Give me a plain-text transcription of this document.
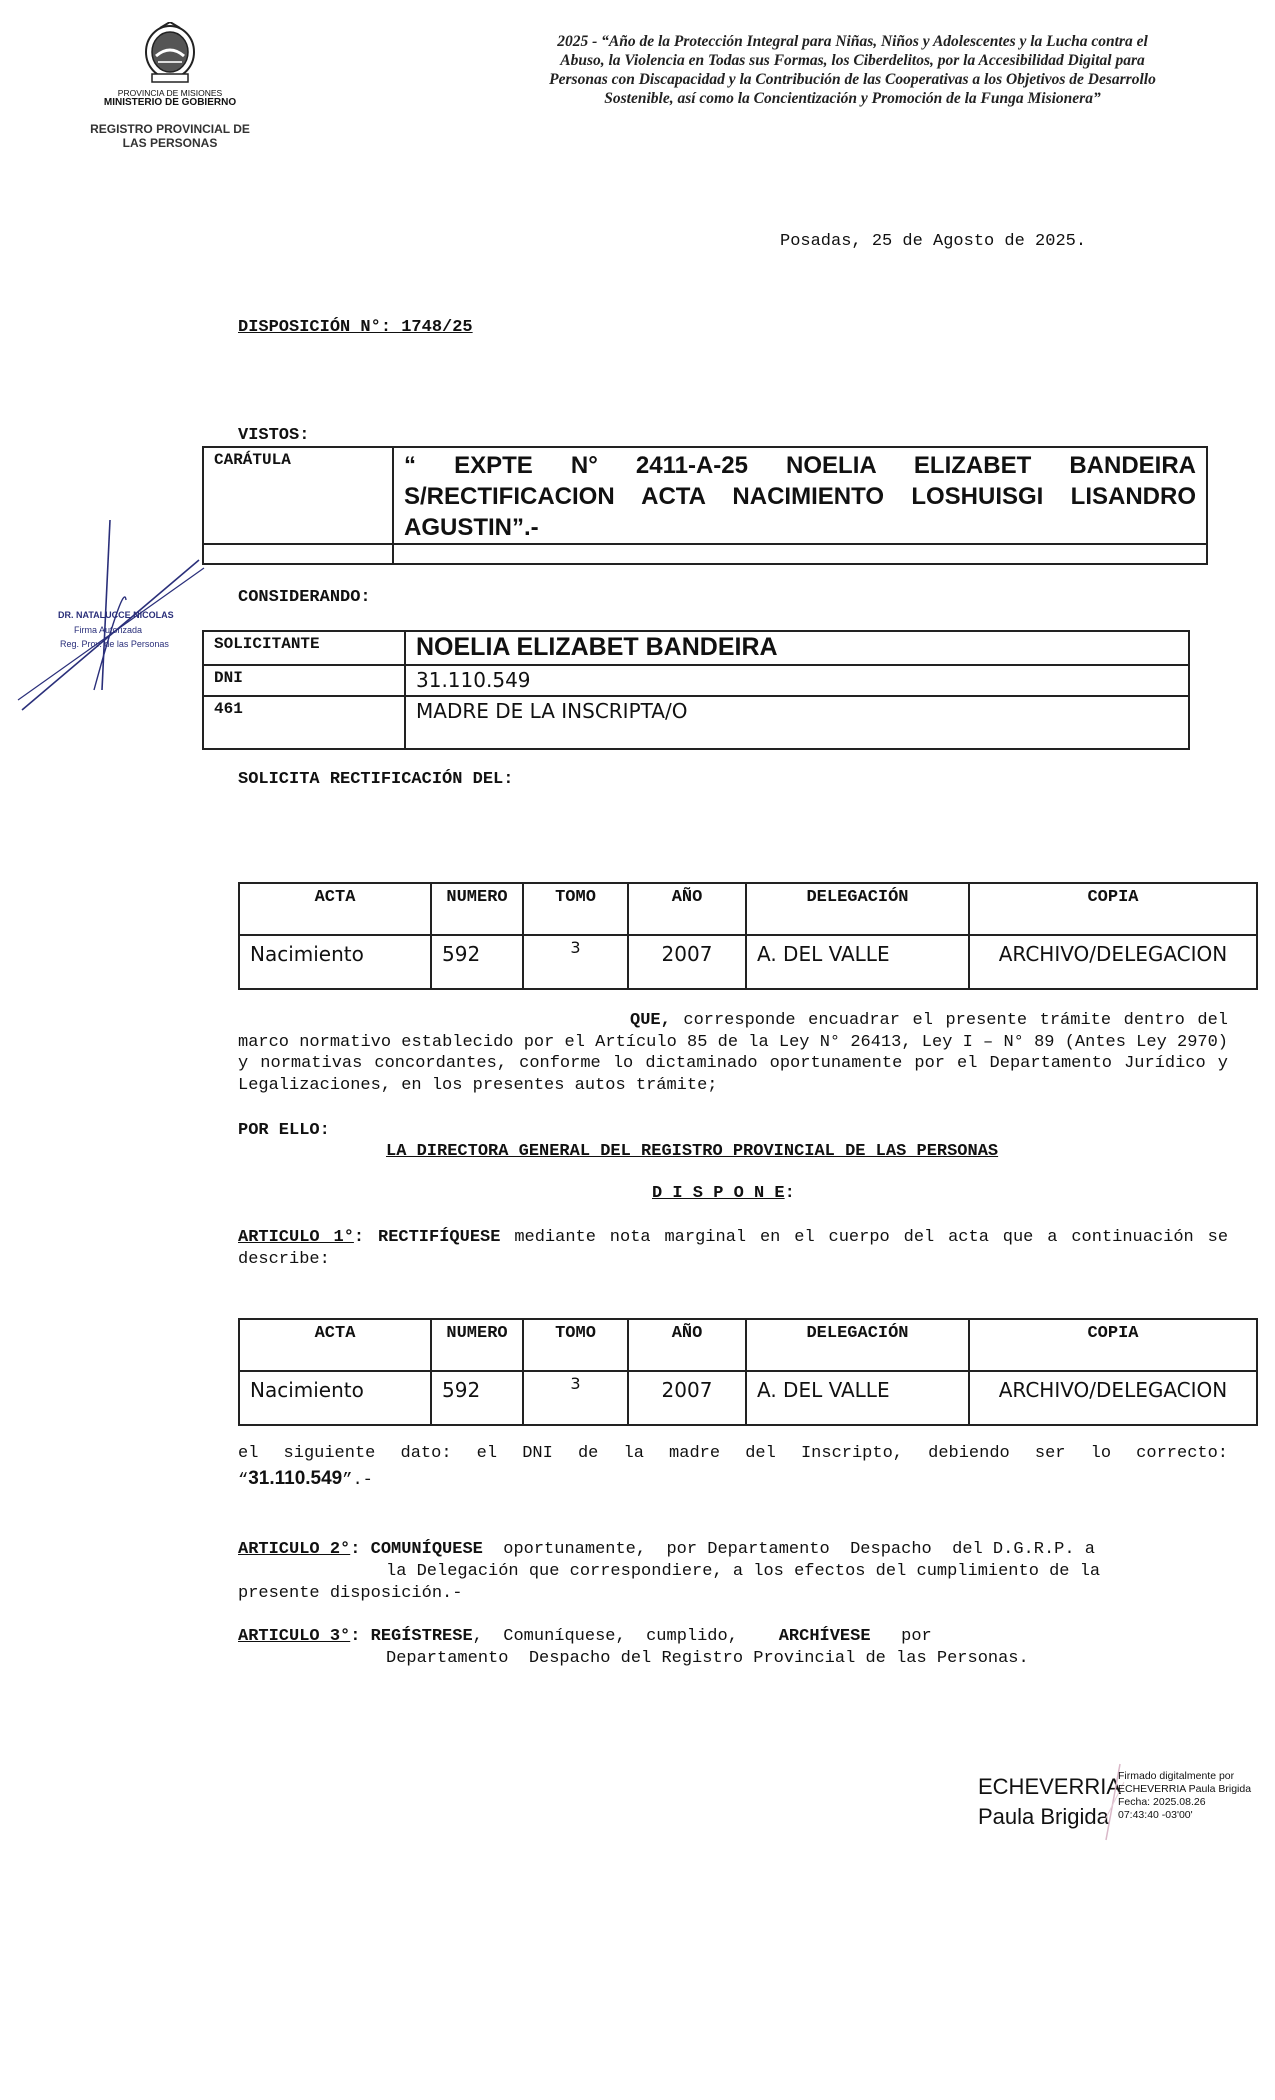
PROVINCIA DE MISIONES
MINISTERIO DE GOBIERNO
REGISTRO PROVINCIAL DE
LAS PERSONAS
2025 - “Año de la Protección Integral para Niñas, Niños y Adolescentes y la Lucha contra el Abuso, la Violencia en Todas sus Formas, los Ciberdelitos, por la Accesibilidad Digital para Personas con Discapacidad y la Contribución de las Cooperativas a los Objetivos de Desarrollo Sostenible, así como la Concientización y Promoción de la Funga Misionera”
Posadas, 25 de Agosto de 2025.
DISPOSICIÓN N°: 1748/25
VISTOS:
CARÁTULA	“ EXPTE N° 2411-A-25 NOELIA ELIZABET BANDEIRA S/RECTIFICACION ACTA NACIMIENTO LOSHUISGI LISANDRO AGUSTIN”.-

DR. NATALUCCE NICOLAS
Firma Autorizada
Reg. Prov. de las Personas
CONSIDERANDO:
SOLICITANTE	NOELIA ELIZABET BANDEIRA
DNI	31.110.549
461	MADRE DE LA INSCRIPTA/O
SOLICITA RECTIFICACIÓN DEL:
ACTA	NUMERO	TOMO	AÑO	DELEGACIÓN	COPIA
Nacimiento	592	3	2007	A. DEL VALLE	ARCHIVO/DELEGACION
QUE, corresponde encuadrar el presente trámite dentro del marco normativo establecido por el Artículo 85 de la Ley N° 26413, Ley I – N° 89 (Antes Ley 2970) y normativas concordantes, conforme lo dictaminado oportunamente por el Departamento Jurídico y Legalizaciones, en los presentes autos trámite;
POR ELLO:
LA DIRECTORA GENERAL DEL REGISTRO PROVINCIAL DE LAS PERSONAS
D I S P O N E:
ARTICULO 1°: RECTIFÍQUESE mediante nota marginal en el cuerpo del acta que a continuación se describe:
ACTA	NUMERO	TOMO	AÑO	DELEGACIÓN	COPIA
Nacimiento	592	3	2007	A. DEL VALLE	ARCHIVO/DELEGACION
el siguiente dato: el DNI de la madre del Inscripto, debiendo ser lo correcto:
“31.110.549”.-
ARTICULO 2°: COMUNÍQUESE oportunamente,  por Departamento  Despacho  del D.G.R.P. a
la Delegación que correspondiere, a los efectos del cumplimiento de la
presente disposición.-
ARTICULO 3°: REGÍSTRESE,  Comuníquese,  cumplido, ARCHÍVESE por
Departamento  Despacho del Registro Provincial de las Personas.
ECHEVERRIA
Paula Brigida
Firmado digitalmente por
ECHEVERRIA Paula Brigida
Fecha: 2025.08.26
07:43:40 -03'00'
